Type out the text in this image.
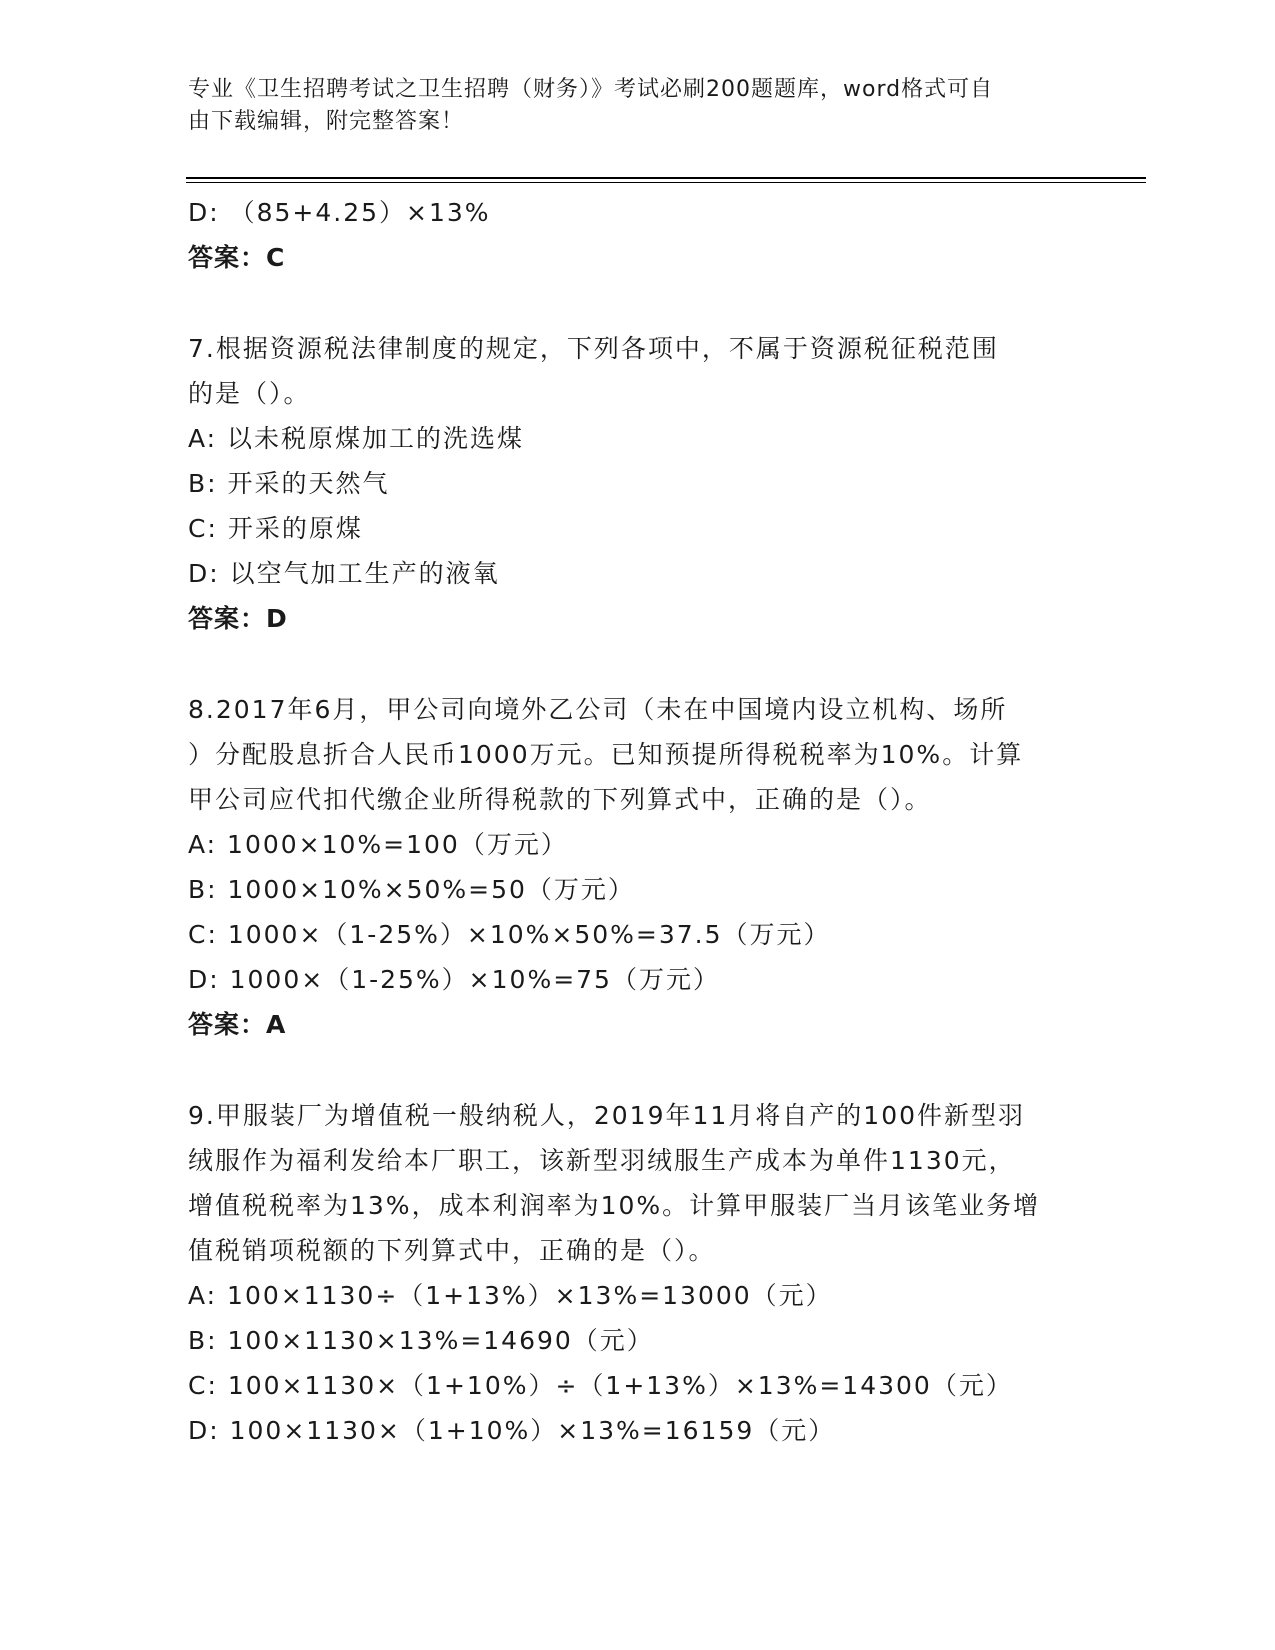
专业《卫生招聘考试之卫生招聘（财务）》考试必刷200题题库，word格式可自
由下载编辑，附完整答案！
D: （85+4.25）×13%
答案：C
7.根据资源税法律制度的规定，下列各项中，不属于资源税征税范围
的是（）。
A: 以未税原煤加工的洗选煤
B: 开采的天然气
C: 开采的原煤
D: 以空气加工生产的液氧
答案：D
8.2017年6月，甲公司向境外乙公司（未在中国境内设立机构、场所
）分配股息折合人民币1000万元。已知预提所得税税率为10%。计算
甲公司应代扣代缴企业所得税款的下列算式中，正确的是（）。
A: 1000×10%=100（万元）
B: 1000×10%×50%=50（万元）
C: 1000×（1-25%）×10%×50%=37.5（万元）
D: 1000×（1-25%）×10%=75（万元）
答案：A
9.甲服装厂为增值税一般纳税人，2019年11月将自产的100件新型羽
绒服作为福利发给本厂职工，该新型羽绒服生产成本为单件1130元，
增值税税率为13%，成本利润率为10%。计算甲服装厂当月该笔业务增
值税销项税额的下列算式中，正确的是（）。
A: 100×1130÷（1+13%）×13%=13000（元）
B: 100×1130×13%=14690（元）
C: 100×1130×（1+10%）÷（1+13%）×13%=14300（元）
D: 100×1130×（1+10%）×13%=16159（元）
